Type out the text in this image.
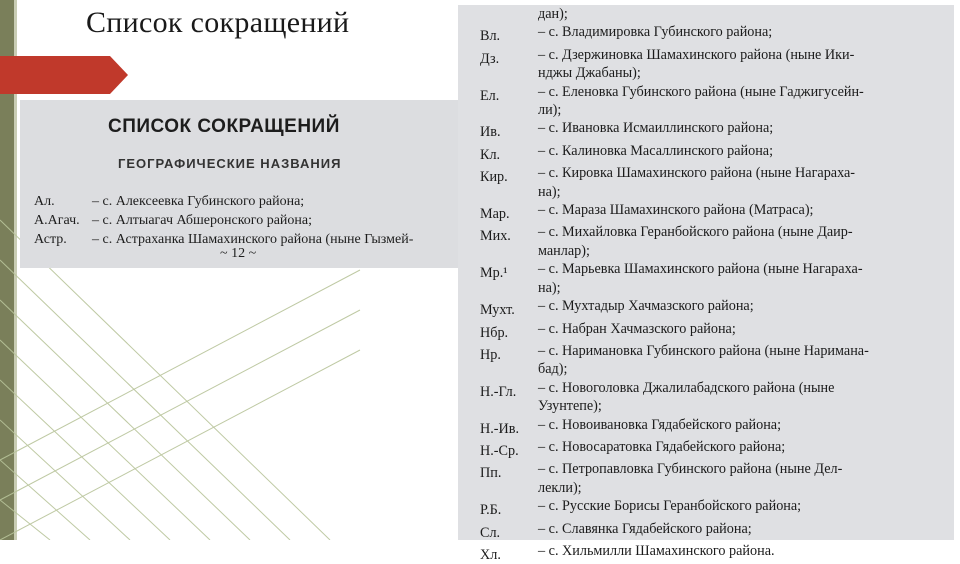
Список сокращений
СПИСОК СОКРАЩЕНИЙ
ГЕОГРАФИЧЕСКИЕ НАЗВАНИЯ
Ал.	– с. Алексеевка Губинского района;
А.Агач. – с. Алтыагач Абшеронского района;
Астр.	– с. Астраханка Шамахинского района (ныне Гызмей-
~ 12 ~
дан);
Вл.	– с. Владимировка Губинского района;
Дз.	– с. Дзержиновка Шамахинского района (ныне Ики-
нджы Джабаны);
Ел.	– с. Еленовка Губинского района (ныне Гаджигусейн-
ли);
Ив.	– с. Ивановка Исмаиллинского района;
Кл.	– с. Калиновка Масаллинского района;
Кир.	– с. Кировка Шамахинского района (ныне Нагараха-
на);
Мар.	– с. Мараза Шамахинского района (Матраса);
Мих.	– с. Михайловка Геранбойского района (ныне Даир-
манлар);
Мр.¹	– с. Марьевка Шамахинского района (ныне Нагараха-
на);
Мухт.	– с. Мухтадыр Хачмазского района;
Нбр.	– с. Набран Хачмазского района;
Нр.	– с. Наримановка Губинского района (ныне Наримана-
бад);
Н.-Гл.	– с. Новоголовка Джалилабадского района (ныне
Узунтепе);
Н.-Ив.	– с. Новоивановка Гядабейского района;
Н.-Ср.	– с. Новосаратовка Гядабейского района;
Пп.	– с. Петропавловка Губинского района (ныне Дел-
лекли);
Р.Б.	– с. Русские Борисы Геранбойского района;
Сл.	– с. Славянка Гядабейского района;
Хл.	– с. Хильмилли Шамахинского района.
